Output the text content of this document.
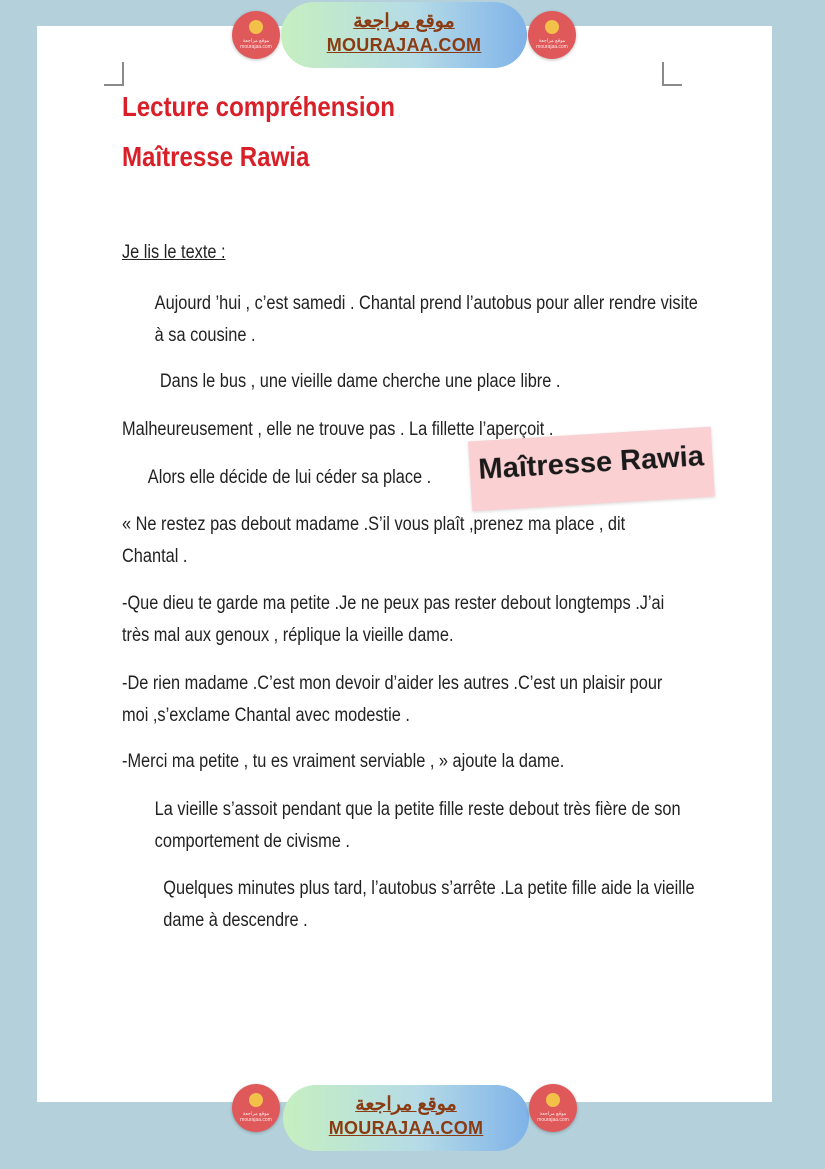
موقع مراجعة mourajaa.com
موقع مراجعة
MOURAJAA.COM	موقع مراجعة mourajaa.com

Lecture compréhension

Maîtresse Rawia

Je lis le texte :
Aujourd ’hui , c’est samedi . Chantal prend l’autobus pour aller rendre visite à sa cousine .
Dans le bus , une vieille dame cherche une place libre .
Malheureusement , elle ne trouve pas . La fillette l’aperçoit .
Alors elle décide de lui céder sa place .
« Ne restez pas debout madame .S’il vous plaît ,prenez ma place , dit Chantal .
-Que dieu te garde ma petite .Je ne peux pas rester debout longtemps .J’ai très mal aux genoux , réplique la vieille dame.
-De rien madame .C’est mon devoir d’aider les autres .C’est un plaisir pour moi ,s’exclame Chantal avec modestie .
-Merci ma petite , tu es vraiment serviable , » ajoute la dame.
La vieille s’assoit pendant que la petite fille reste debout très fière de son comportement de civisme .
Quelques minutes plus tard, l’autobus s’arrête .La petite fille aide la vieille dame à descendre .
Maîtresse Rawia
موقع مراجعة mourajaa.com
موقع مراجعة
MOURAJAA.COM
موقع مراجعة mourajaa.com
